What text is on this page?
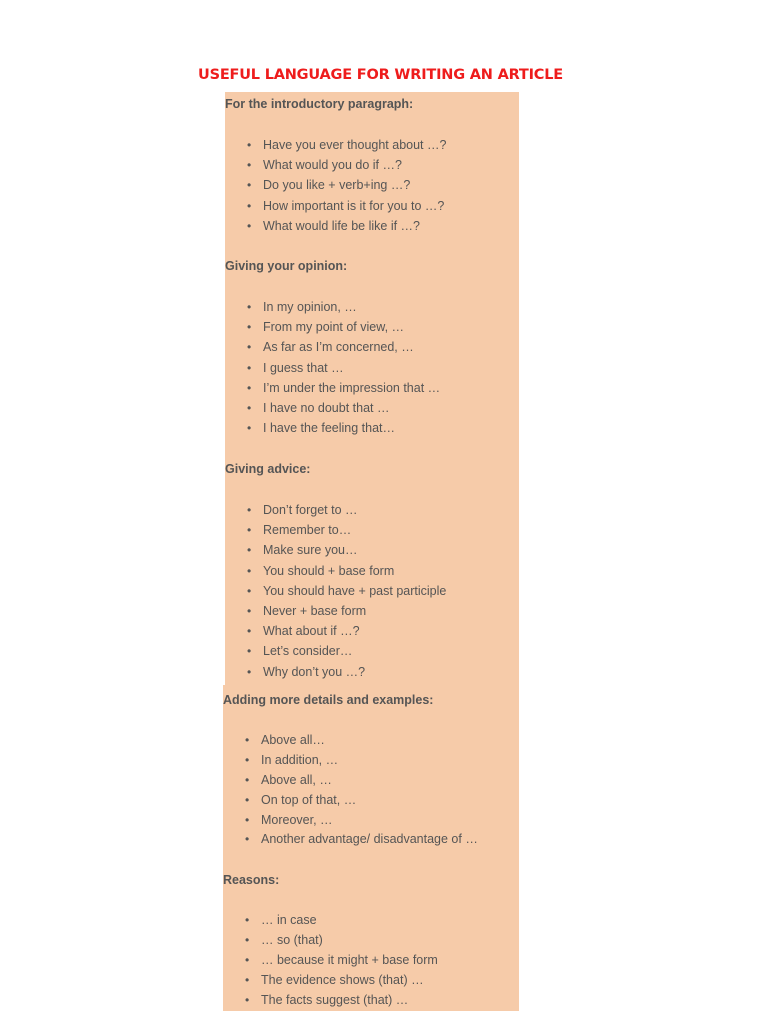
USEFUL LANGUAGE FOR WRITING AN ARTICLE
For the introductory paragraph:
• Have you ever thought about …?
• What would you do if …?
• Do you like + verb+ing …?
• How important is it for you to …?
• What would life be like if …?
Giving your opinion:
• In my opinion, …
• From my point of view, …
• As far as I’m concerned, …
• I guess that …
• I’m under the impression that …
• I have no doubt that …
• I have the feeling that…
Giving advice:
• Don’t forget to …
• Remember to…
• Make sure you…
• You should + base form
• You should have + past participle
• Never + base form
• What about if …?
• Let’s consider…
• Why don’t you …?
Adding more details and examples:
• Above all…
• In addition, …
• Above all, …
• On top of that, …
• Moreover, …
• Another advantage/ disadvantage of …
Reasons:
• … in case
• … so (that)
• … because it might + base form
• The evidence shows (that) …
• The facts suggest (that) …
